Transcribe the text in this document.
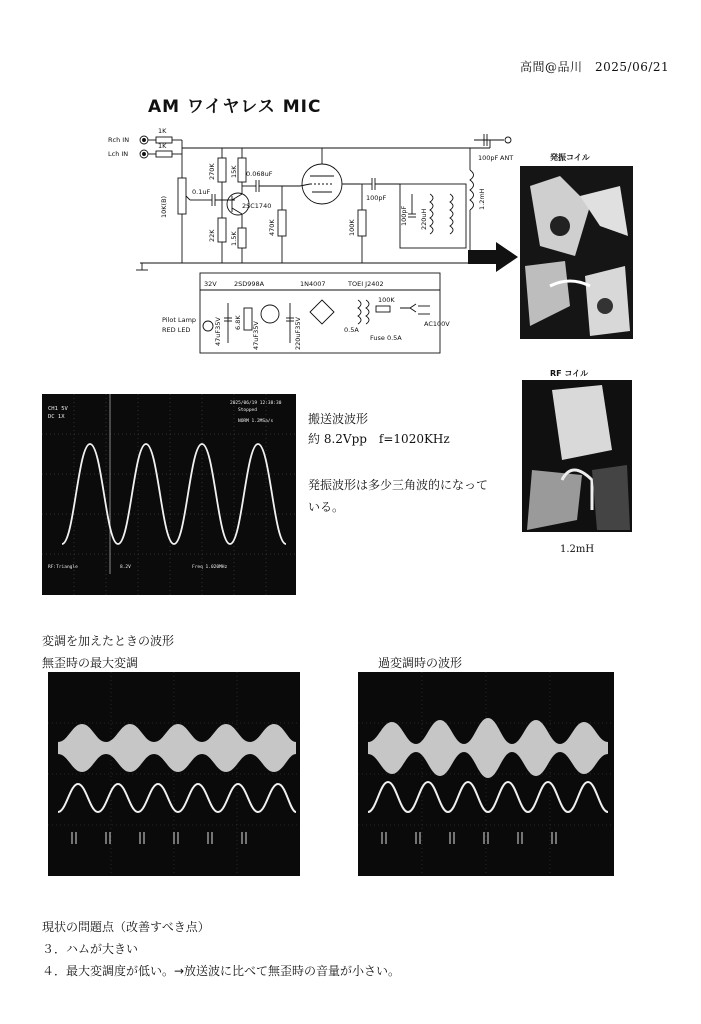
高間@品川　2025/06/21
AM ワイヤレス MIC
Rch IN
Lch IN
1K
1K
10K(B)
0.1uF
270K 15K 0.068uF
2SC1740
22K 1.5K
470K
100pF
100K
100pF 220uH
100pF ANT
1.2mH
32V	2SD998A	1N4007	TOEI J2402
Pilot Lamp
RED LED	47uF35V 6.8K 47uF35V	220uF35V
100K
0.5A
Fuse 0.5A
AC100V
発振コイル
RF コイル
1.2mH
CH1 5V
DC 1X
2025/06/19 12:38:30
Stopped
NORM 1.2MSa/s
RF:Triangle	8.2V	Freq 1.020MHz
搬送波波形
約 8.2Vpp　f=1020KHz
発振波形は多少三角波的になって
いる。
変調を加えたときの波形
無歪時の最大変調	過変調時の波形
現状の問題点（改善すべき点）
３．ハムが大きい
４．最大変調度が低い。→放送波に比べて無歪時の音量が小さい。
